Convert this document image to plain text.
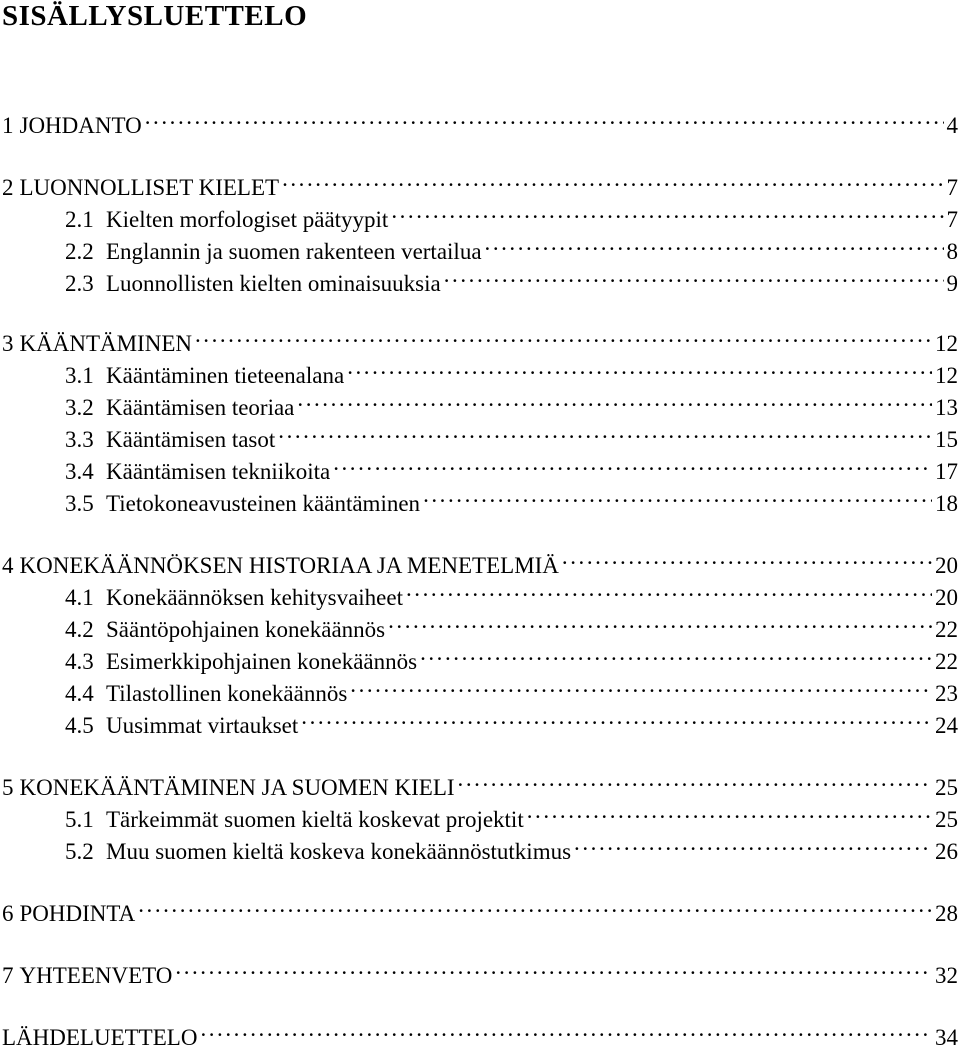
SISÄLLYSLUETTELO
1 JOHDANTO . . .	4
2 LUONNOLLISET KIELET . . .	7
2.1 Kielten morfologiset päätyypit . . .	7
2.2 Englannin ja suomen rakenteen vertailua . . .	8
2.3 Luonnollisten kielten ominaisuuksia . . .	9
3 KÄÄNTÄMINEN . . .	12
3.1 Kääntäminen tieteenalana . . .	12
3.2 Kääntämisen teoriaa . . .	13
3.3 Kääntämisen tasot . . .	15
3.4 Kääntämisen tekniikoita . . .	17
3.5 Tietokoneavusteinen kääntäminen . . .	18
4 KONEKÄÄNNÖKSEN HISTORIAA JA MENETELMIÄ . . .	20
4.1 Konekäännöksen kehitysvaiheet . . .	20
4.2 Sääntöpohjainen konekäännös . . .	22
4.3 Esimerkkipohjainen konekäännös . . .	22
4.4 Tilastollinen konekäännös . . .	23
4.5 Uusimmat virtaukset . . .	24
5 KONEKÄÄNTÄMINEN JA SUOMEN KIELI . . .	25
5.1 Tärkeimmät suomen kieltä koskevat projektit . . .	25
5.2 Muu suomen kieltä koskeva konekäännöstutkimus . . .	26
6 POHDINTA . . .	28
7 YHTEENVETO . . .	32
LÄHDELUETTELO . . .	34
